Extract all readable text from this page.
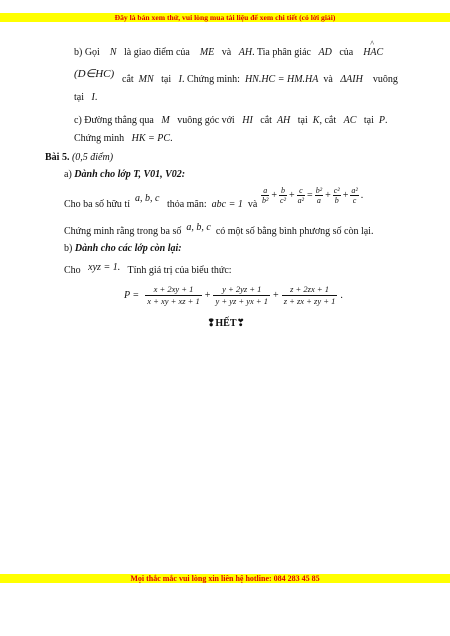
Đây là bản xem thử, vui lòng mua tài liệu để xem chi tiết (có lời giải)
b) Gọi N là giao điểm của ME và AH. Tia phân giác AD của HAC
^
(D∈HC) cắt MN tại I. Chứng minh: HN.HC = HM.HA và ΔAIH vuông
tại I.
c) Đường thẳng qua M vuông góc với HI cắt AH tại K, cắt AC tại P.
Chứng minh HK = PC.
Bài 5. (0,5 điểm)
a) Dành cho lớp T, V01, V02:
Cho ba số hữu tỉ  a, b, c   thỏa mãn: abc = 1 và $\frac{a}{\text{b²}} + \frac{b}{\text{c²}} + \frac{c}{\text{a²}} = \frac{\text{b²}}{a} + \frac{\text{c²}}{b} + \frac{\text{a²}}{c}$ .
Chứng minh rằng trong ba số a, b, c có một số bằng bình phương số còn lại.
b) Dành cho các lớp còn lại:
Cho xyz = 1. Tính giá trị của biểu thức:
$P = \frac{x + 2xy + 1}{x + xy + xz + 1} + \frac{y + 2yz + 1}{y + yz + yx + 1} + \frac{z + 2zx + 1}{z + zx + zy + 1}$ .
❢HẾT❣
Mọi thắc mắc vui lòng xin liên hệ hotline: 084 283 45 85
